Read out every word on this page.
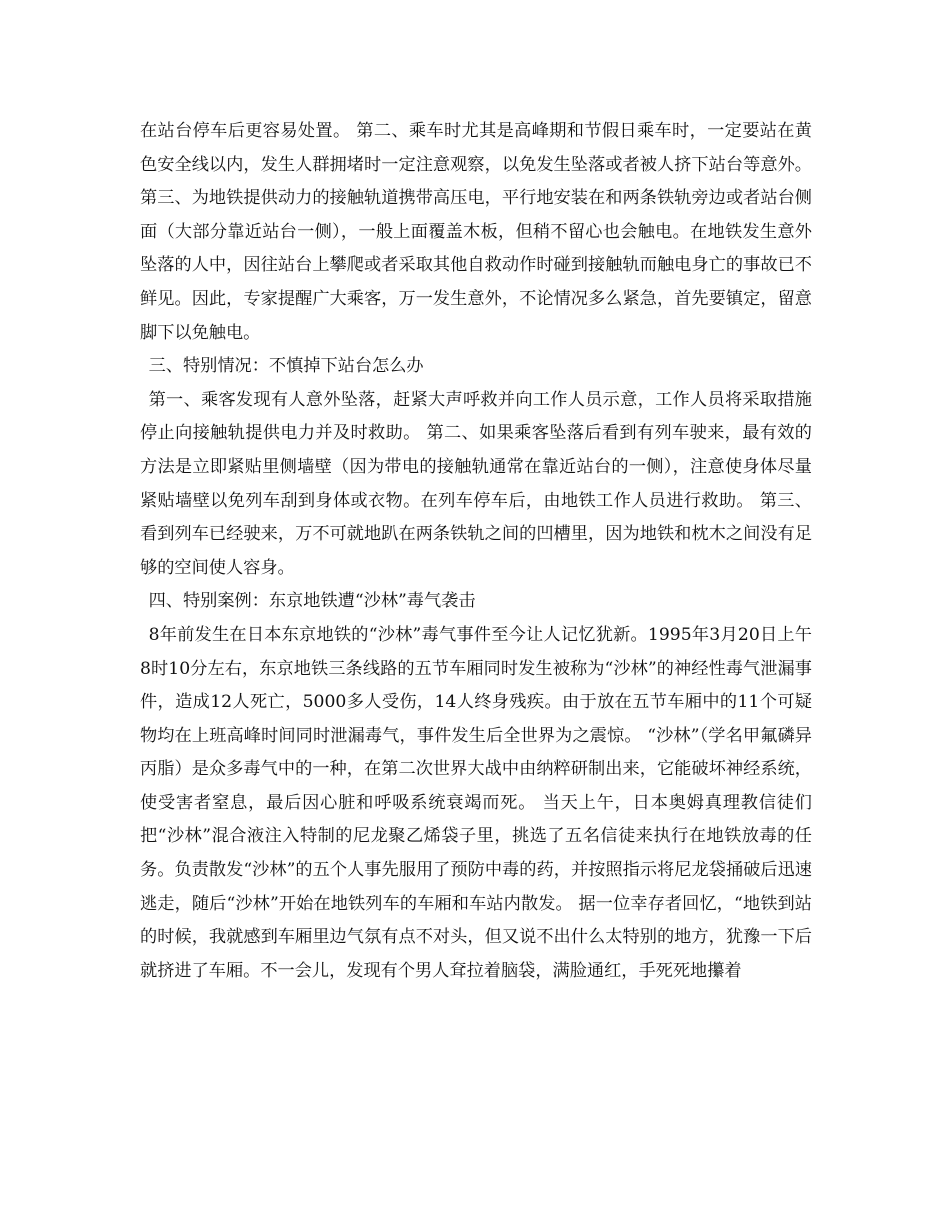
在站台停车后更容易处置。 第二、乘车时尤其是高峰期和节假日乘车时，一定要站在黄色安全线以内，发生人群拥堵时一定注意观察，以免发生坠落或者被人挤下站台等意外。 第三、为地铁提供动力的接触轨道携带高压电，平行地安装在和两条铁轨旁边或者站台侧面（大部分靠近站台一侧），一般上面覆盖木板，但稍不留心也会触电。在地铁发生意外坠落的人中，因往站台上攀爬或者采取其他自救动作时碰到接触轨而触电身亡的事故已不鲜见。因此，专家提醒广大乘客，万一发生意外，不论情况多么紧急，首先要镇定，留意脚下以免触电。

三、特别情况：不慎掉下站台怎么办

第一、乘客发现有人意外坠落，赶紧大声呼救并向工作人员示意，工作人员将采取措施停止向接触轨提供电力并及时救助。 第二、如果乘客坠落后看到有列车驶来，最有效的方法是立即紧贴里侧墙壁（因为带电的接触轨通常在靠近站台的一侧），注意使身体尽量紧贴墙壁以免列车刮到身体或衣物。在列车停车后，由地铁工作人员进行救助。 第三、看到列车已经驶来，万不可就地趴在两条铁轨之间的凹槽里，因为地铁和枕木之间没有足够的空间使人容身。

四、特别案例：东京地铁遭“沙林”毒气袭击

8年前发生在日本东京地铁的“沙林”毒气事件至今让人记忆犹新。1995年3月20日上午8时10分左右，东京地铁三条线路的五节车厢同时发生被称为“沙林”的神经性毒气泄漏事件，造成12人死亡，5000多人受伤，14人终身残疾。由于放在五节车厢中的11个可疑物均在上班高峰时间同时泄漏毒气，事件发生后全世界为之震惊。 “沙林”（学名甲氟磷异丙脂）是众多毒气中的一种，在第二次世界大战中由纳粹研制出来，它能破坏神经系统，使受害者窒息，最后因心脏和呼吸系统衰竭而死。 当天上午，日本奥姆真理教信徒们把“沙林”混合液注入特制的尼龙聚乙烯袋子里，挑选了五名信徒来执行在地铁放毒的任务。负责散发“沙林”的五个人事先服用了预防中毒的药，并按照指示将尼龙袋捅破后迅速逃走，随后“沙林”开始在地铁列车的车厢和车站内散发。 据一位幸存者回忆，“地铁到站的时候，我就感到车厢里边气氛有点不对头，但又说不出什么太特别的地方，犹豫一下后就挤进了车厢。不一会儿，发现有个男人耷拉着脑袋，满脸通红，手死死地攥着
